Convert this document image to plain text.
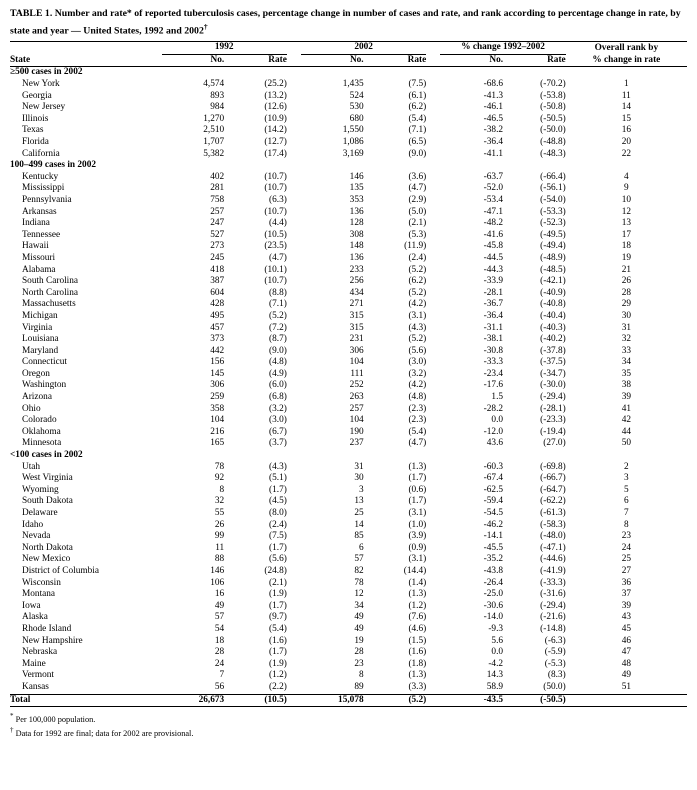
TABLE 1. Number and rate* of reported tuberculosis cases, percentage change in number of cases and rate, and rank according to percentage change in rate, by state and year — United States, 1992 and 2002†
	1992			2002			% change 1992–2002		Overall rank by

State	No.	Rate		No.	Rate		No.	Rate	% change in rate
≥500 cases in 2002									
New York	4,574	(25.2)		1,435	(7.5)		-68.6	(-70.2)	1
Georgia	893	(13.2)		524	(6.1)		-41.3	(-53.8)	11
New Jersey	984	(12.6)		530	(6.2)		-46.1	(-50.8)	14
Illinois	1,270	(10.9)		680	(5.4)		-46.5	(-50.5)	15
Texas	2,510	(14.2)		1,550	(7.1)		-38.2	(-50.0)	16
Florida	1,707	(12.7)		1,086	(6.5)		-36.4	(-48.8)	20
California	5,382	(17.4)		3,169	(9.0)		-41.1	(-48.3)	22
100–499 cases in 2002									
Kentucky	402	(10.7)		146	(3.6)		-63.7	(-66.4)	4
Mississippi	281	(10.7)		135	(4.7)		-52.0	(-56.1)	9
Pennsylvania	758	(6.3)		353	(2.9)		-53.4	(-54.0)	10
Arkansas	257	(10.7)		136	(5.0)		-47.1	(-53.3)	12
Indiana	247	(4.4)		128	(2.1)		-48.2	(-52.3)	13
Tennessee	527	(10.5)		308	(5.3)		-41.6	(-49.5)	17
Hawaii	273	(23.5)		148	(11.9)		-45.8	(-49.4)	18
Missouri	245	(4.7)		136	(2.4)		-44.5	(-48.9)	19
Alabama	418	(10.1)		233	(5.2)		-44.3	(-48.5)	21
South Carolina	387	(10.7)		256	(6.2)		-33.9	(-42.1)	26
North Carolina	604	(8.8)		434	(5.2)		-28.1	(-40.9)	28
Massachusetts	428	(7.1)		271	(4.2)		-36.7	(-40.8)	29
Michigan	495	(5.2)		315	(3.1)		-36.4	(-40.4)	30
Virginia	457	(7.2)		315	(4.3)		-31.1	(-40.3)	31
Louisiana	373	(8.7)		231	(5.2)		-38.1	(-40.2)	32
Maryland	442	(9.0)		306	(5.6)		-30.8	(-37.8)	33
Connecticut	156	(4.8)		104	(3.0)		-33.3	(-37.5)	34
Oregon	145	(4.9)		111	(3.2)		-23.4	(-34.7)	35
Washington	306	(6.0)		252	(4.2)		-17.6	(-30.0)	38
Arizona	259	(6.8)		263	(4.8)		1.5	(-29.4)	39
Ohio	358	(3.2)		257	(2.3)		-28.2	(-28.1)	41
Colorado	104	(3.0)		104	(2.3)		0.0	(-23.3)	42
Oklahoma	216	(6.7)		190	(5.4)		-12.0	(-19.4)	44
Minnesota	165	(3.7)		237	(4.7)		43.6	(27.0)	50
<100 cases in 2002									
Utah	78	(4.3)		31	(1.3)		-60.3	(-69.8)	2
West Virginia	92	(5.1)		30	(1.7)		-67.4	(-66.7)	3
Wyoming	8	(1.7)		3	(0.6)		-62.5	(-64.7)	5
South Dakota	32	(4.5)		13	(1.7)		-59.4	(-62.2)	6
Delaware	55	(8.0)		25	(3.1)		-54.5	(-61.3)	7
Idaho	26	(2.4)		14	(1.0)		-46.2	(-58.3)	8
Nevada	99	(7.5)		85	(3.9)		-14.1	(-48.0)	23
North Dakota	11	(1.7)		6	(0.9)		-45.5	(-47.1)	24
New Mexico	88	(5.6)		57	(3.1)		-35.2	(-44.6)	25
District of Columbia	146	(24.8)		82	(14.4)		-43.8	(-41.9)	27
Wisconsin	106	(2.1)		78	(1.4)		-26.4	(-33.3)	36
Montana	16	(1.9)		12	(1.3)		-25.0	(-31.6)	37
Iowa	49	(1.7)		34	(1.2)		-30.6	(-29.4)	39
Alaska	57	(9.7)		49	(7.6)		-14.0	(-21.6)	43
Rhode Island	54	(5.4)		49	(4.6)		-9.3	(-14.8)	45
New Hampshire	18	(1.6)		19	(1.5)		5.6	(-6.3)	46
Nebraska	28	(1.7)		28	(1.6)		0.0	(-5.9)	47
Maine	24	(1.9)		23	(1.8)		-4.2	(-5.3)	48
Vermont	7	(1.2)		8	(1.3)		14.3	(8.3)	49
Kansas	56	(2.2)		89	(3.3)		58.9	(50.0)	51
Total	26,673	(10.5)		15,078	(5.2)		-43.5	(-50.5)	

* Per 100,000 population.
† Data for 1992 are final; data for 2002 are provisional.
